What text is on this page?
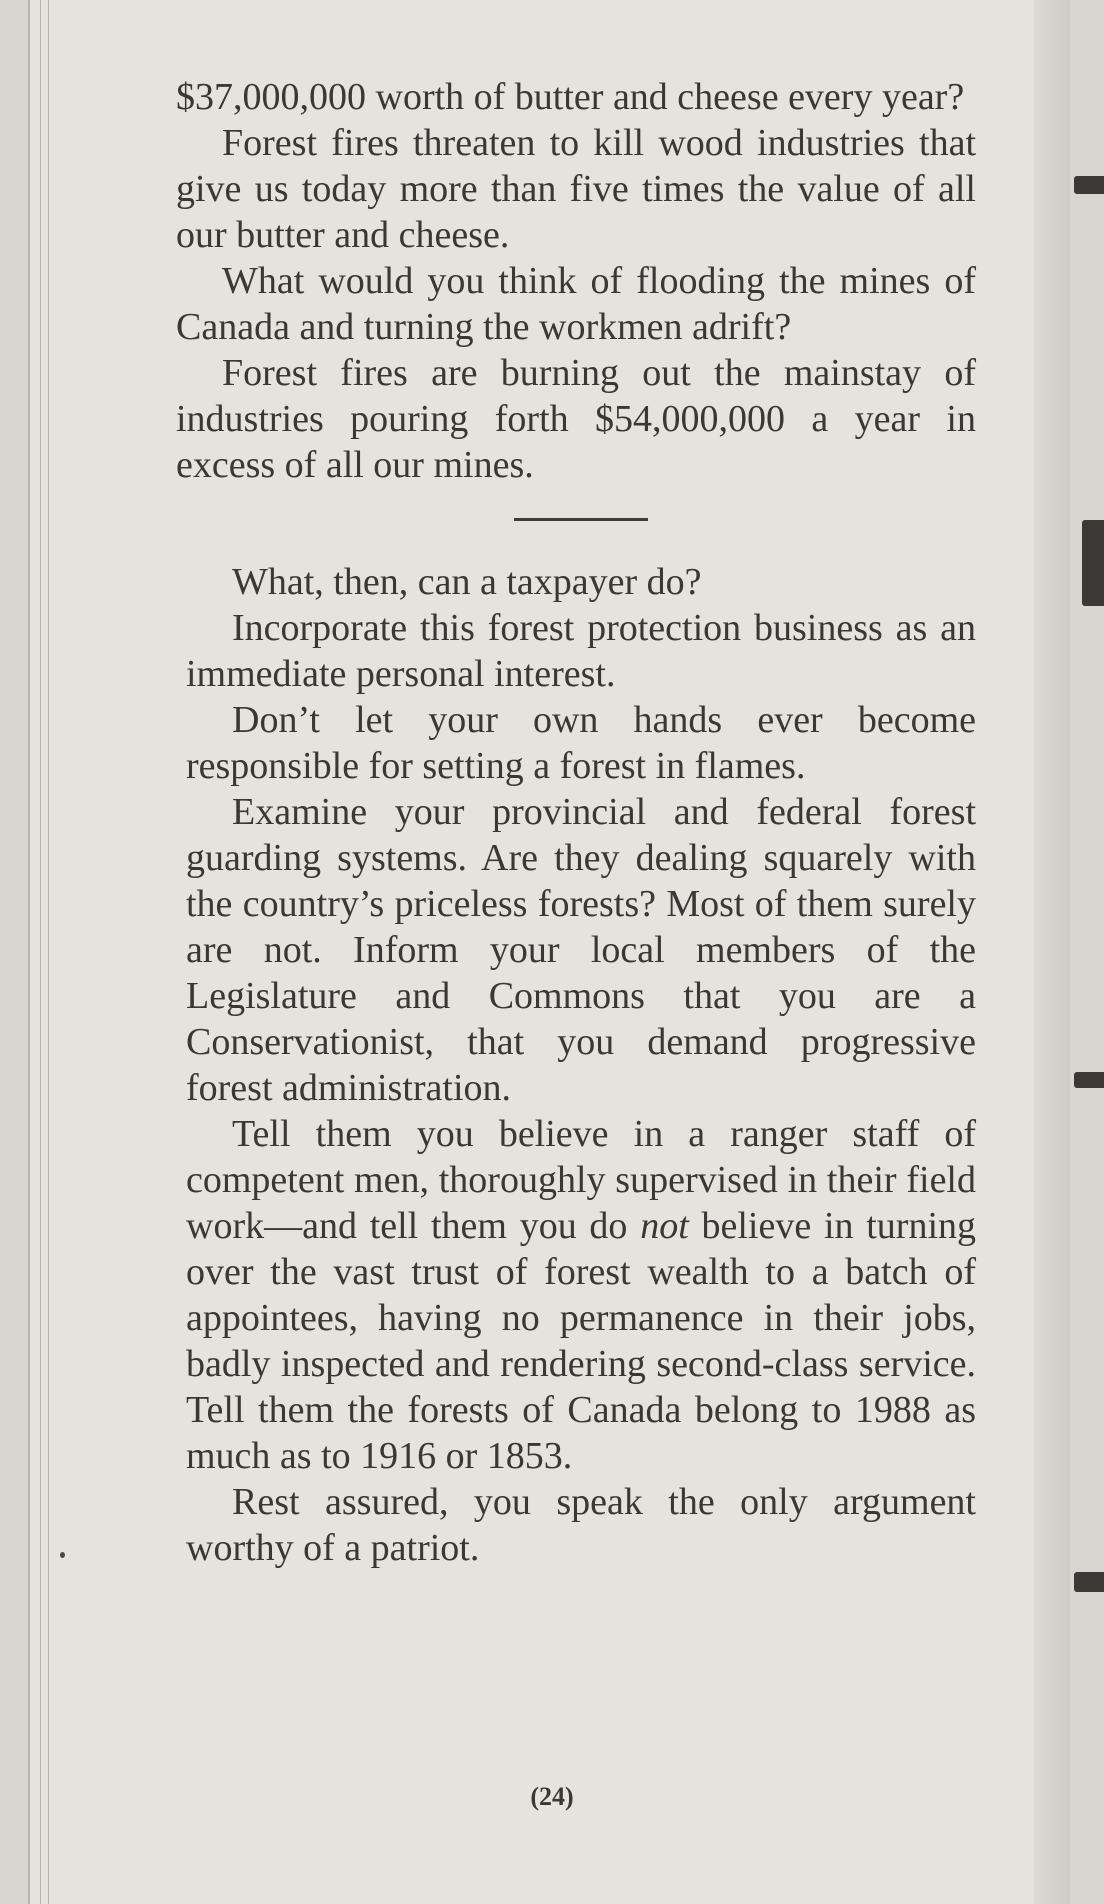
$37,000,000 worth of butter and cheese every year?

Forest fires threaten to kill wood industries that give us today more than five times the value of all our butter and cheese.

What would you think of flooding the mines of Canada and turning the workmen adrift?

Forest fires are burning out the mainstay of industries pouring forth $54,000,000 a year in excess of all our mines.

What, then, can a taxpayer do?

Incorporate this forest protection business as an immediate personal interest.

Don’t let your own hands ever become responsible for setting a forest in flames.

Examine your provincial and federal forest guarding systems. Are they dealing squarely with the country’s priceless forests? Most of them surely are not. Inform your local members of the Legislature and Commons that you are a Conservationist, that you demand progressive forest administration.

Tell them you believe in a ranger staff of competent men, thoroughly supervised in their field work—and tell them you do not believe in turning over the vast trust of forest wealth to a batch of appointees, having no permanence in their jobs, badly inspected and rendering second-class service. Tell them the forests of Canada belong to 1988 as much as to 1916 or 1853.

Rest assured, you speak the only argument worthy of a patriot.

(24)
